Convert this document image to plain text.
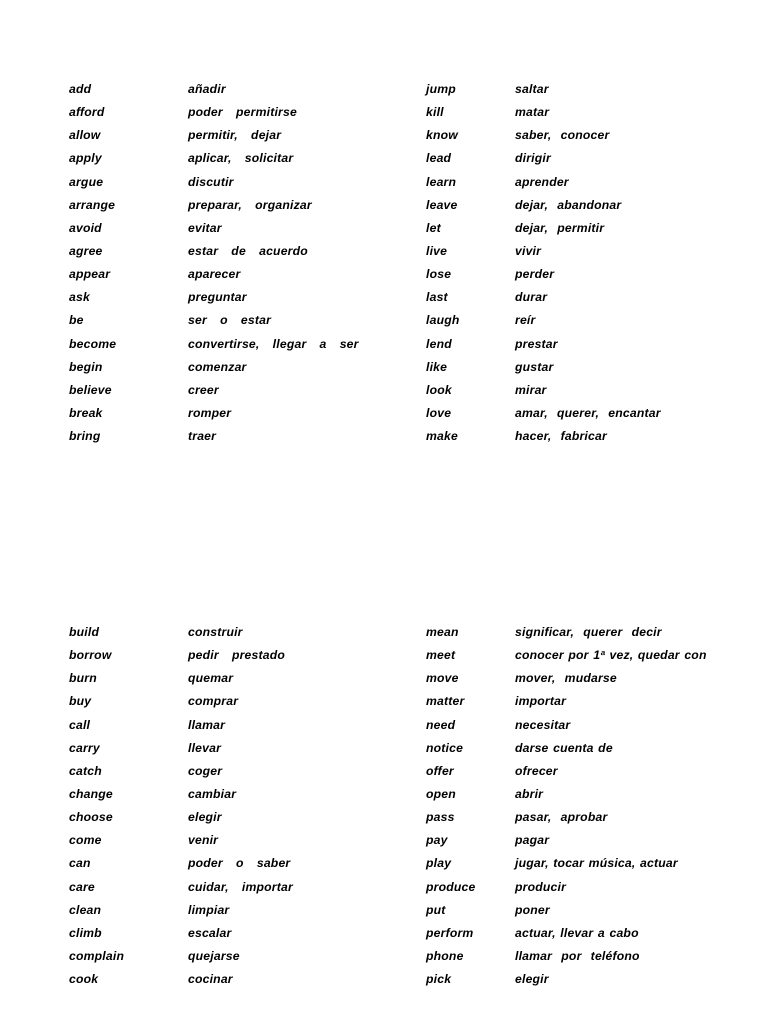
add	añadir	jump	saltar
afford	poder  permitirse	kill	matar
allow	permitir,  dejar	know	saber,  conocer
apply	aplicar,  solicitar	lead	dirigir
argue	discutir	learn	aprender
arrange	preparar,  organizar	leave	dejar,  abandonar
avoid	evitar	let	dejar,  permitir
agree	estar  de  acuerdo	live	vivir
appear	aparecer	lose	perder
ask	preguntar	last	durar
be	ser  o  estar	laugh	reír
become	convertirse,  llegar  a  ser	lend	prestar
begin	comenzar	like	gustar
believe	creer	look	mirar
break	romper	love	amar,  querer,  encantar
bring	traer	make	hacer,  fabricar
build	construir	mean	significar,  querer  decir
borrow	pedir  prestado	meet	conocer por 1ª vez, quedar con
burn	quemar	move	mover,  mudarse
buy	comprar	matter	importar
call	llamar	need	necesitar
carry	llevar	notice	darse cuenta de
catch	coger	offer	ofrecer
change	cambiar	open	abrir
choose	elegir	pass	pasar,  aprobar
come	venir	pay	pagar
can	poder  o  saber	play	jugar, tocar música, actuar
care	cuidar,  importar	produce	producir
clean	limpiar	put	poner
climb	escalar	perform	actuar, llevar a cabo
complain	quejarse	phone	llamar  por  teléfono
cook	cocinar	pick	elegir
